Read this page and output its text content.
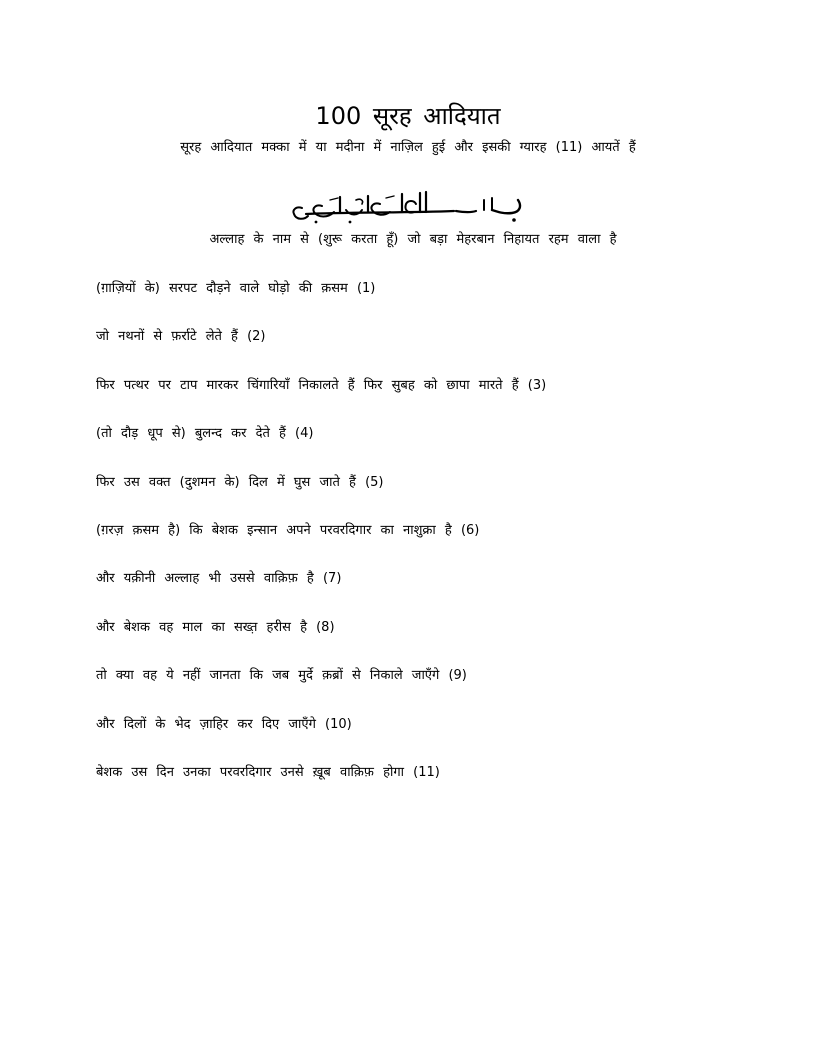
100 सूरह आदियात
सूरह आदियात मक्का में या मदीना में नाज़िल हुई और इसकी ग्यारह (11) आयतें हैं
अल्लाह के नाम से (शुरू करता हूँ) जो बड़ा मेहरबान निहायत रहम वाला है
(ग़ाज़ियों के) सरपट दौड़ने वाले घोड़ो की क़सम (1)
जो नथनों से फ़र्राटे लेते हैं (2)
फिर पत्थर पर टाप मारकर चिंगारियाँ निकालते हैं फिर सुबह को छापा मारते हैं (3)
(तो दौड़ धूप से) बुलन्द कर देते हैं (4)
फिर उस वक्त (दुशमन के) दिल में घुस जाते हैं (5)
(ग़रज़ क़सम है) कि बेशक इन्सान अपने परवरदिगार का नाशुक्रा है (6)
और यक़ीनी अल्लाह भी उससे वाक़िफ़ है (7)
और बेशक वह माल का सख्त़ हरीस है (8)
तो क्या वह ये नहीं जानता कि जब मुर्दे क़ब्रों से निकाले जाएँगे (9)
और दिलों के भेद ज़ाहिर कर दिए जाएँगे (10)
बेशक उस दिन उनका परवरदिगार उनसे ख़ूब वाक़िफ़ होगा (11)
